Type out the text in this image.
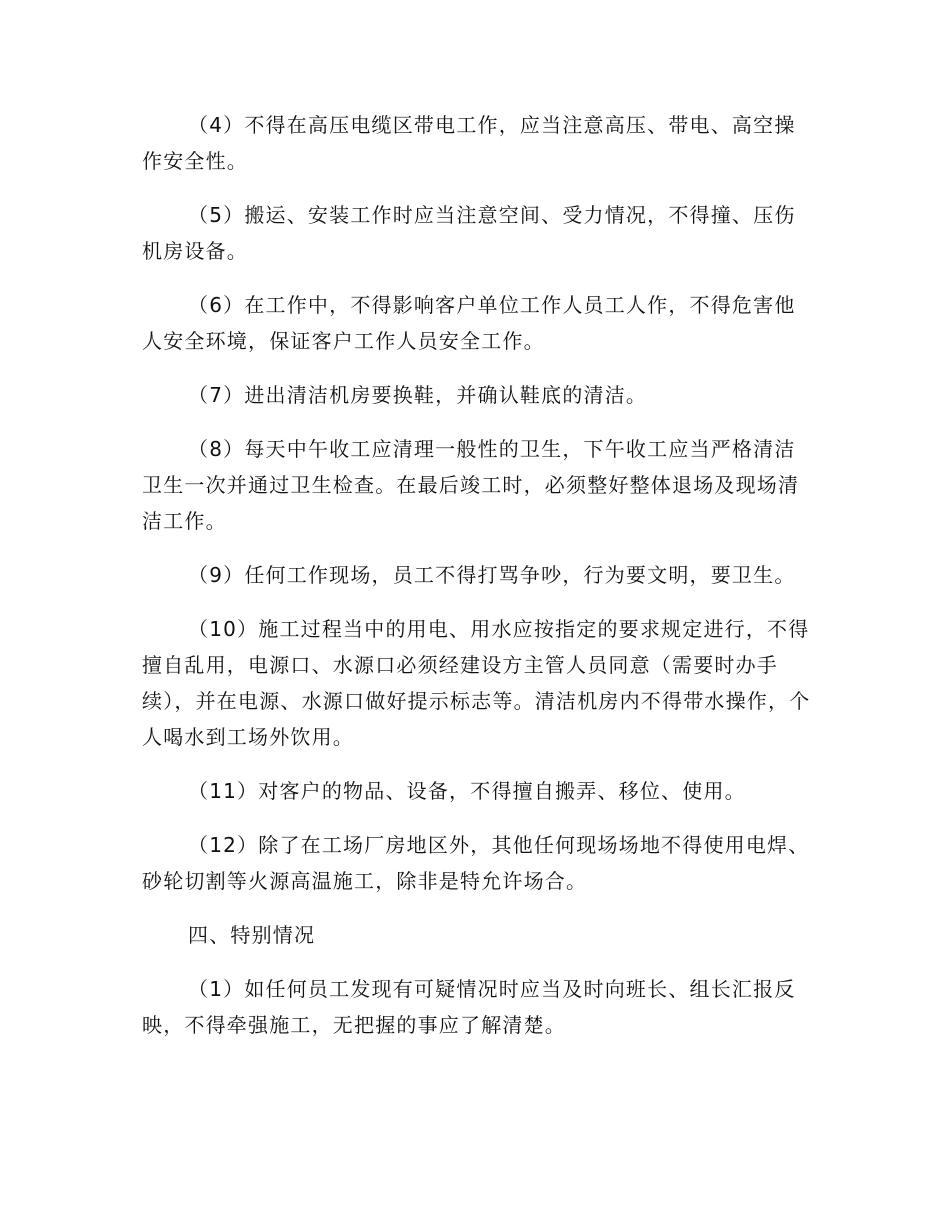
（4）不得在高压电缆区带电工作，应当注意高压、带电、高空操作安全性。

（5）搬运、安装工作时应当注意空间、受力情况，不得撞、压伤机房设备。

（6）在工作中，不得影响客户单位工作人员工人作，不得危害他人安全环境，保证客户工作人员安全工作。

（7）进出清洁机房要换鞋，并确认鞋底的清洁。

（8）每天中午收工应清理一般性的卫生，下午收工应当严格清洁卫生一次并通过卫生检查。在最后竣工时，必须整好整体退场及现场清洁工作。

（9）任何工作现场，员工不得打骂争吵，行为要文明，要卫生。

（10）施工过程当中的用电、用水应按指定的要求规定进行，不得擅自乱用，电源口、水源口必须经建设方主管人员同意（需要时办手续），并在电源、水源口做好提示标志等。清洁机房内不得带水操作，个人喝水到工场外饮用。

（11）对客户的物品、设备，不得擅自搬弄、移位、使用。

（12）除了在工场厂房地区外，其他任何现场场地不得使用电焊、砂轮切割等火源高温施工，除非是特允许场合。

四、特别情况

（1）如任何员工发现有可疑情况时应当及时向班长、组长汇报反映，不得牵强施工，无把握的事应了解清楚。
